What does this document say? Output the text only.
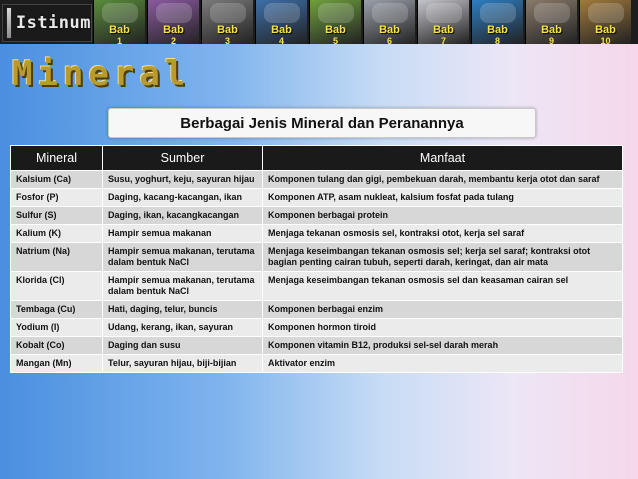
Istinum	Bab
1
Bab
2
Bab
3
Bab
4
Bab
5
Bab
6
Bab
7
Bab
8
Bab
9
Bab
10
Mineral
Berbagai Jenis Mineral dan Peranannya
Mineral	Sumber	Manfaat
Kalsium (Ca)	Susu, yoghurt, keju, sayuran hijau	Komponen tulang dan gigi, pembekuan darah, membantu kerja otot dan saraf
Fosfor (P)	Daging, kacang-kacangan, ikan	Komponen ATP, asam nukleat, kalsium fosfat pada tulang
Sulfur (S)	Daging, ikan, kacangkacangan	Komponen berbagai protein
Kalium (K)	Hampir semua makanan	Menjaga tekanan osmosis sel, kontraksi otot, kerja sel saraf
Natrium (Na)	Hampir semua makanan, terutama dalam bentuk NaCl	Menjaga keseimbangan tekanan osmosis sel; kerja sel saraf; kontraksi otot bagian penting cairan tubuh, seperti darah, keringat, dan air mata
Klorida (Cl)	Hampir semua makanan, terutama dalam bentuk NaCl	Menjaga keseimbangan tekanan osmosis sel dan keasaman cairan sel
Tembaga (Cu)	Hati, daging, telur, buncis	Komponen berbagai enzim
Yodium (I)	Udang, kerang, ikan, sayuran	Komponen hormon tiroid
Kobalt (Co)	Daging dan susu	Komponen vitamin B12, produksi sel-sel darah merah
Mangan (Mn)	Telur, sayuran hijau, biji-bijian	Aktivator enzim
